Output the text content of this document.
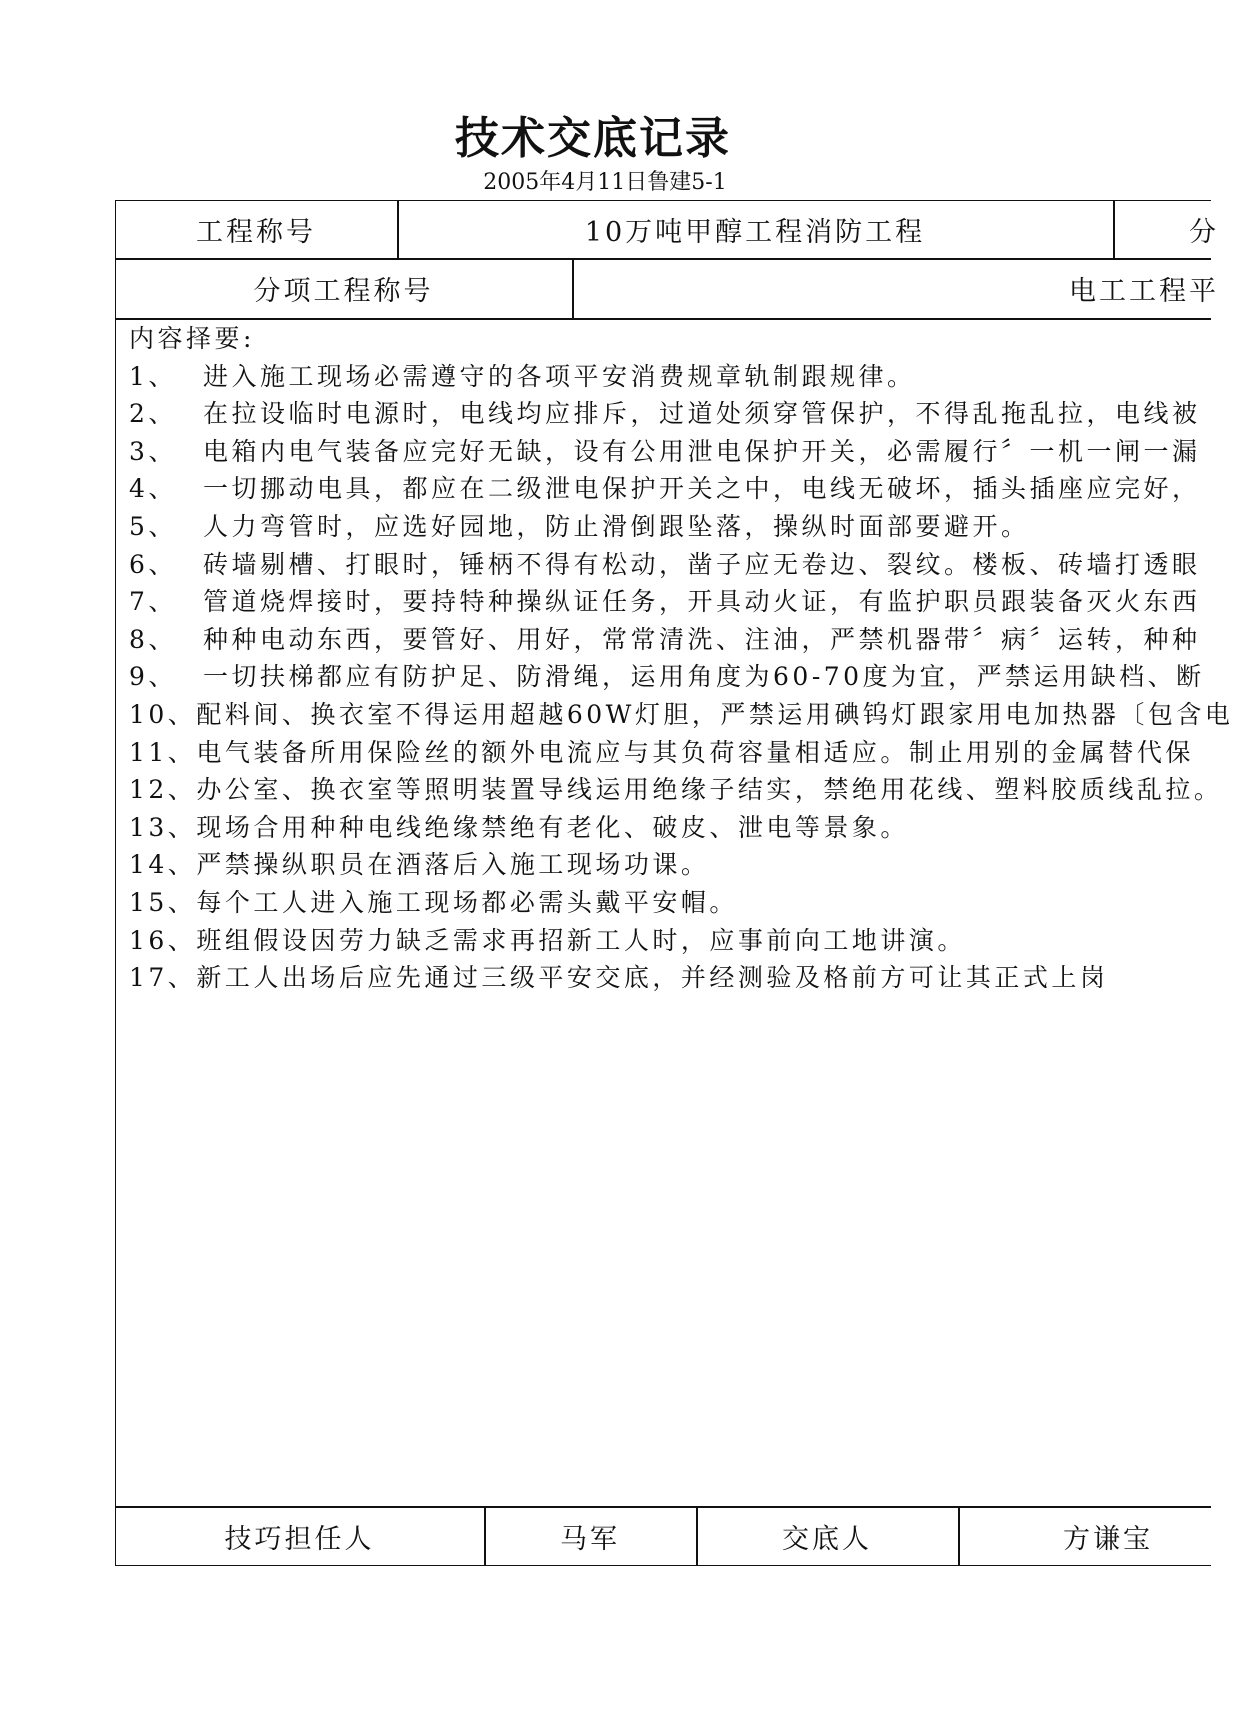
技术交底记录
2005年4月11日鲁建5-1
工程称号	10万吨甲醇工程消防工程	分
分项工程称号	电工工程平
内容择要:
1、 进入施工现场必需遵守的各项平安消费规章轨制跟规律。
2、 在拉设临时电源时，电线均应排斥，过道处须穿管保护，不得乱拖乱拉，电线被
3、 电箱内电气装备应完好无缺，设有公用泄电保护开关，必需履行〞一机一闸一漏
4、 一切挪动电具，都应在二级泄电保护开关之中，电线无破坏，插头插座应完好，
5、 人力弯管时，应选好园地，防止滑倒跟坠落，操纵时面部要避开。
6、 砖墙剔槽、打眼时，锤柄不得有松动，凿子应无卷边、裂纹。楼板、砖墙打透眼
7、 管道烧焊接时，要持特种操纵证任务，开具动火证，有监护职员跟装备灭火东西
8、 种种电动东西，要管好、用好，常常清洗、注油，严禁机器带〞病〞运转，种种
9、 一切扶梯都应有防护足、防滑绳，运用角度为60-70度为宜，严禁运用缺档、断
10、配料间、换衣室不得运用超越60W灯胆，严禁运用碘钨灯跟家用电加热器〔包含电
11、电气装备所用保险丝的额外电流应与其负荷容量相适应。制止用别的金属替代保
12、办公室、换衣室等照明装置导线运用绝缘子结实，禁绝用花线、塑料胶质线乱拉。
13、现场合用种种电线绝缘禁绝有老化、破皮、泄电等景象。
14、严禁操纵职员在酒落后入施工现场功课。
15、每个工人进入施工现场都必需头戴平安帽。
16、班组假设因劳力缺乏需求再招新工人时，应事前向工地讲演。
17、新工人出场后应先通过三级平安交底，并经测验及格前方可让其正式上岗
技巧担任人	马军	交底人	方谦宝
